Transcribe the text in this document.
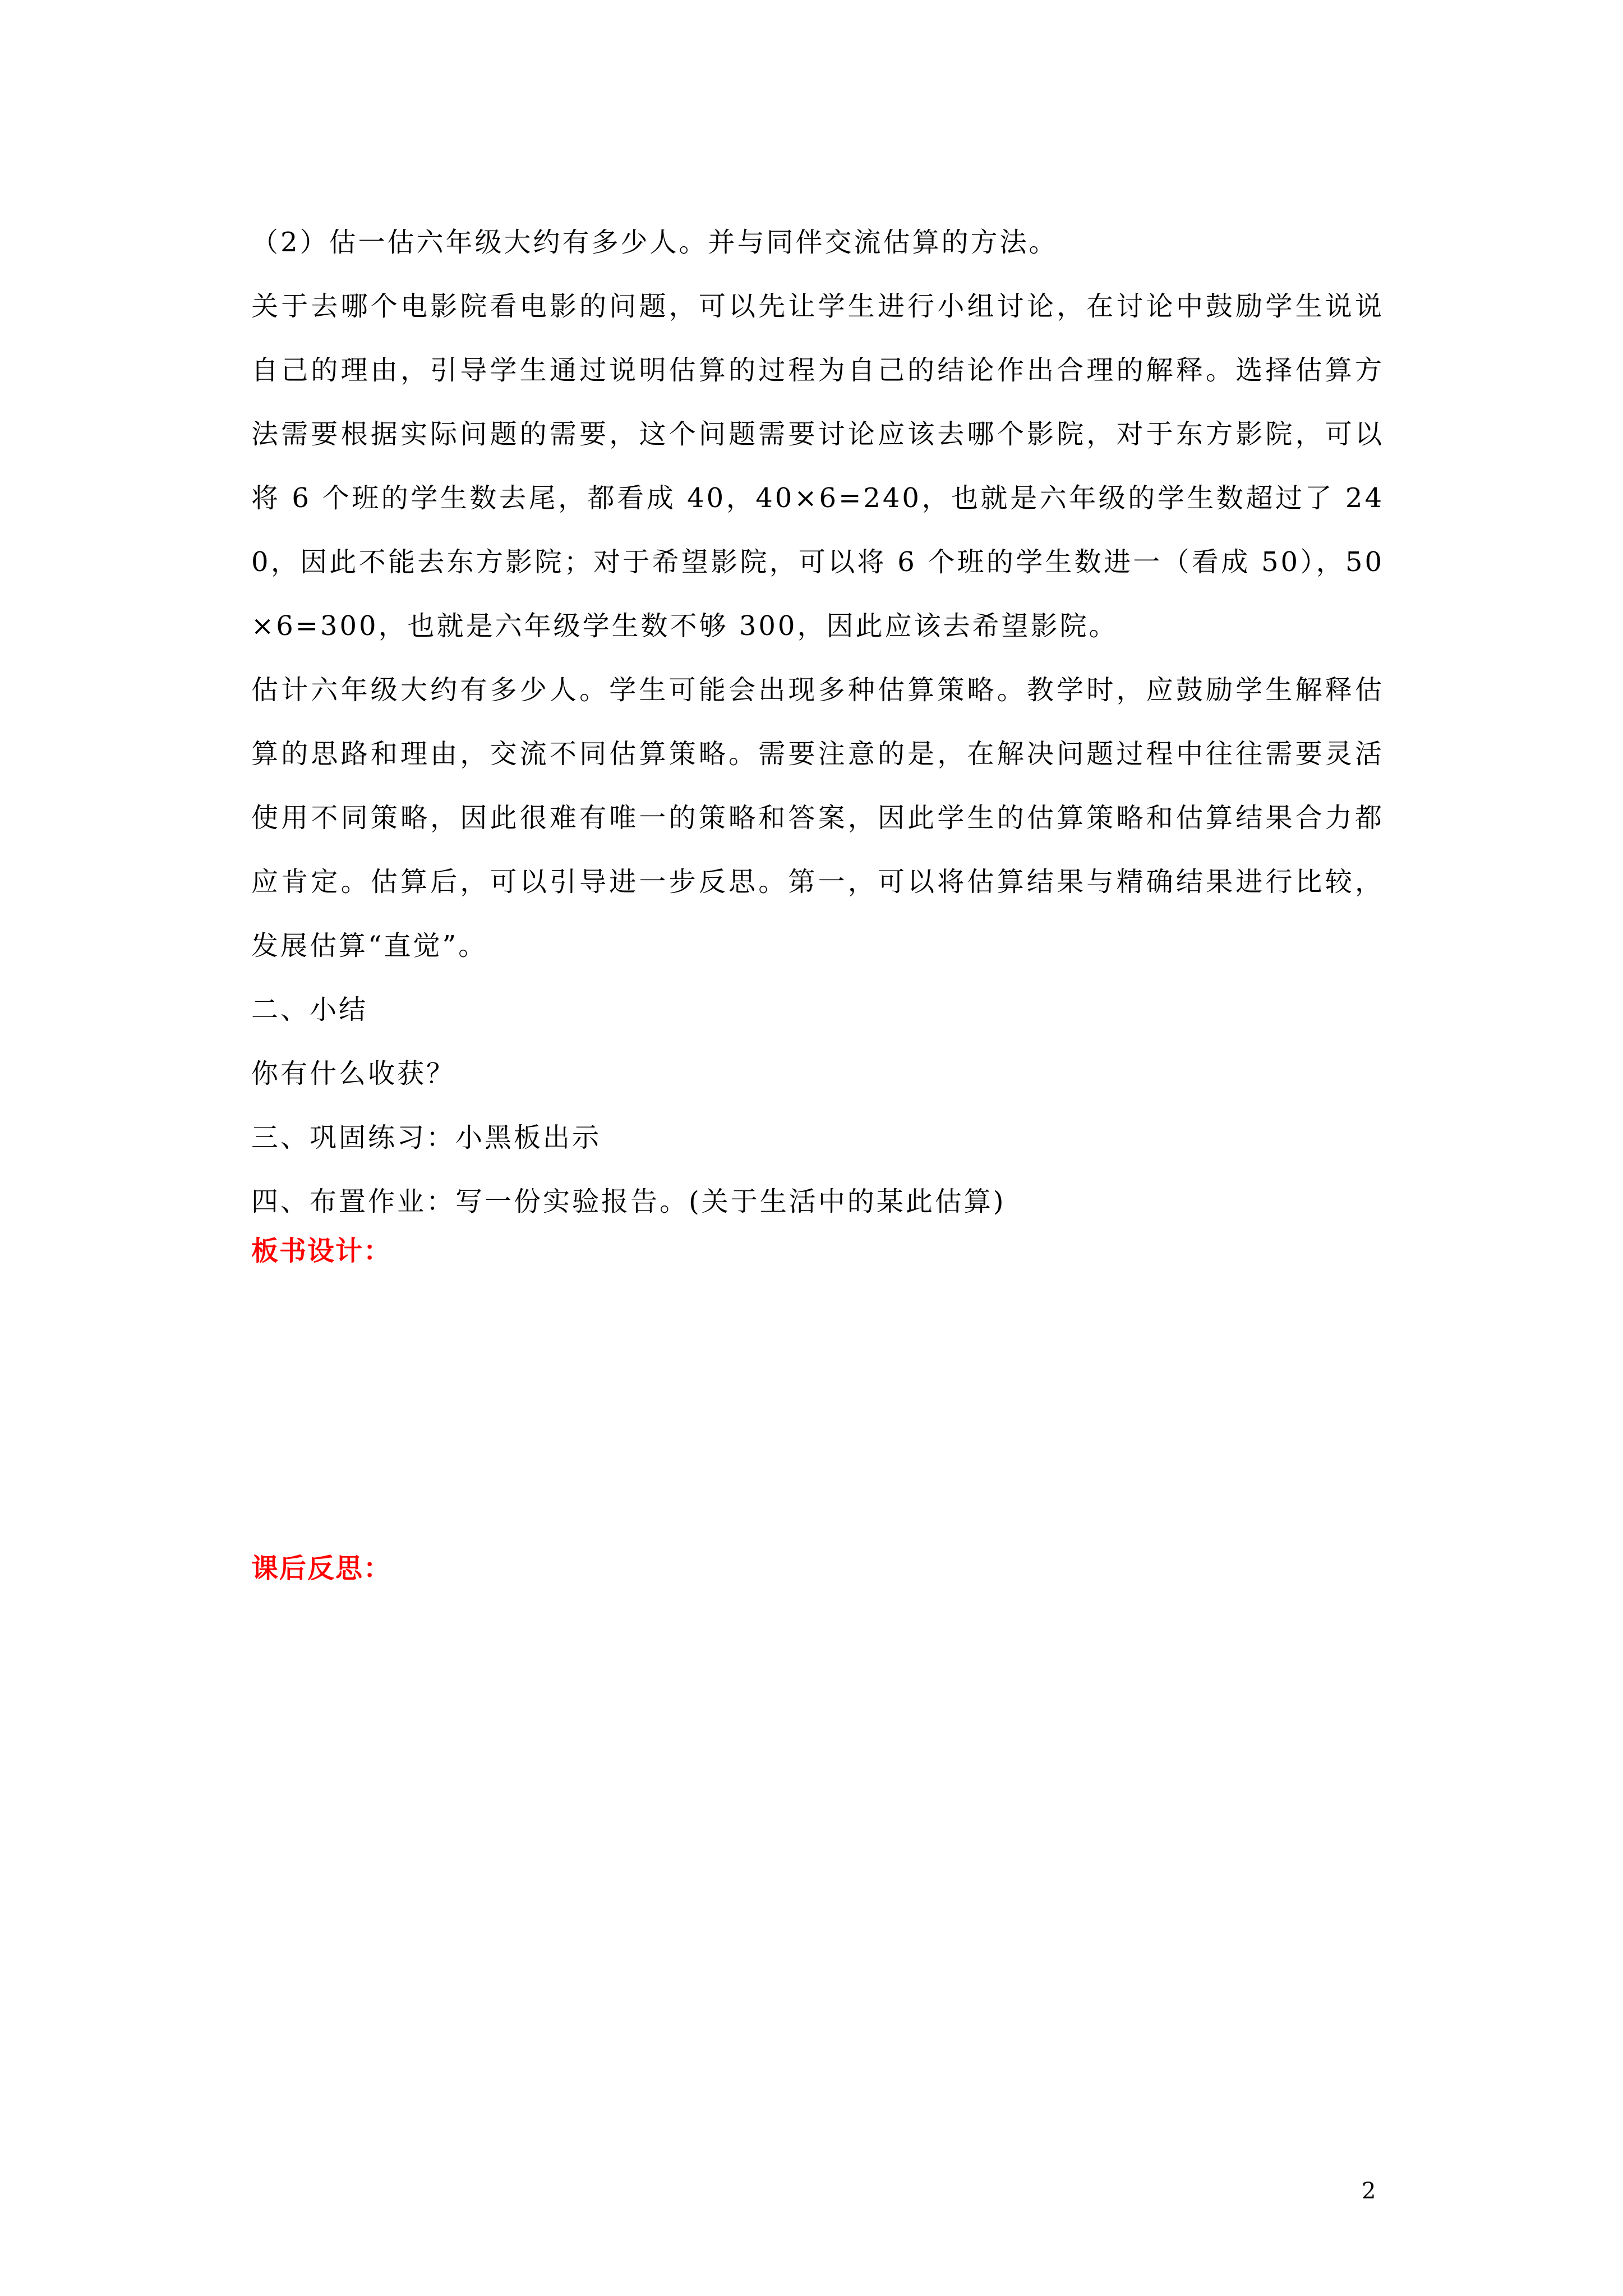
（2）估一估六年级大约有多少人。并与同伴交流估算的方法。

关于去哪个电影院看电影的问题，可以先让学生进行小组讨论，在讨论中鼓励学生说说自己的理由，引导学生通过说明估算的过程为自己的结论作出合理的解释。选择估算方法需要根据实际问题的需要，这个问题需要讨论应该去哪个影院，对于东方影院，可以将 6 个班的学生数去尾，都看成 40，40×6=240，也就是六年级的学生数超过了 240，因此不能去东方影院；对于希望影院，可以将 6 个班的学生数进一（看成 50），50×6=300，也就是六年级学生数不够 300，因此应该去希望影院。

估计六年级大约有多少人。学生可能会出现多种估算策略。教学时，应鼓励学生解释估算的思路和理由，交流不同估算策略。需要注意的是，在解决问题过程中往往需要灵活使用不同策略，因此很难有唯一的策略和答案，因此学生的估算策略和估算结果合力都应肯定。估算后，可以引导进一步反思。第一，可以将估算结果与精确结果进行比较，发展估算“直觉”。

二、小结

你有什么收获？

三、巩固练习：小黑板出示

四、布置作业：写一份实验报告。(关于生活中的某此估算)

板书设计：
课后反思：
2
